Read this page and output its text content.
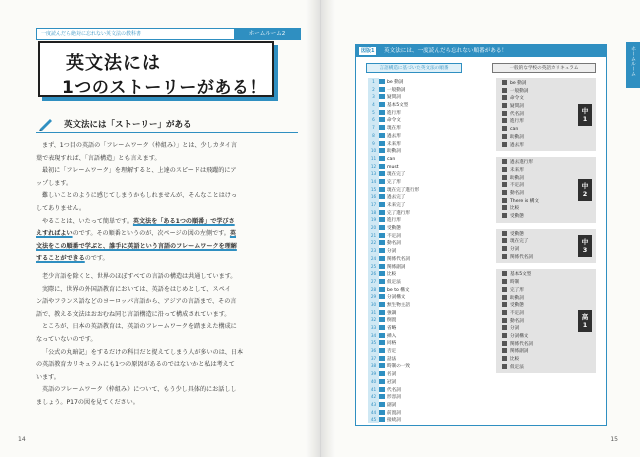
一度読んだら絶対に忘れない英文法の教科書	ホームルーム2
英文法には
1つのストーリーがある！
英文法には「ストーリー」がある

まず、1つ目の英語の「フレームワーク（枠組み）」とは、少しカタイ言

葉で表現すれば、「言語構造」とも言えます。

最初に「フレームワーク」を理解すると、上達のスピードは飛躍的にア

ップします。

難しいことのように感じてしまうかもしれませんが、そんなことはけっ

してありません。

やることは、いたって簡単です。英文法を「ある1つの順番」で学びさ

えすればよいのです。その順番というのが、次ページの図の左側です。英

文法をこの順番で学ぶと、誰手に英語という言語のフレームワークを理解

することができるのです。

老少言語を除くと、世界のほぼすべての言語の構造は共通しています。

実際に、世界の外国語教育においては、英語をはじめとして、スペイ

ン語やフランス語などのヨーロッパ言語から、アジアの言語まで、その言

語で、教える文法はおおむね同じ言語構造に沿って構成されています。

ところが、日本の英語教育は、英語のフレームワークを踏まえた構成に

なっていないのです。

「公式の丸暗記」をするだけの科目だと捉えてしまう人が多いのは、日本

の英語教育カリキュラムにも1つの原因があるのではないかと私は考えて

います。

英語のフレームワーク（枠組み）について、もう少し具体的にお話しし

ましょう。P17の図を見てください。

14
ホームルーム
図版1	英文法には、一度読んだら忘れない順番がある！
言語構造に基づいた英文法の順番	一般的な学校の英語カリキュラム
1	be 動詞
2	一般動詞
3	疑問詞
4	基本5文型
5	進行形
6	命令文
7	現在形
8	過去形
9	未来形
10 助動詞
11 can
12 must
13 現在完了
14 完了形
15 現在完了進行形
16 過去完了
17 未来完了
18 完了進行形
19 進行形
20 受動態
21 不定詞
22 動名詞
23 分詞
24 関係代名詞
25 関係副詞
26 比較
27 仮定法
28 be to 構文
29 分詞構文
30 無生物主語
31 強調
32 倒置
33 省略
34 挿入
35 同格
36 否定
37 話法
38 時制の一致
39 名詞
40 冠詞
41 代名詞
42 形容詞
43 副詞
44 前置詞
45 接続詞
be 動詞
一般動詞
命令文
疑問詞
代名詞
進行形
can
助動詞
過去形
中
1
過去進行形
未来形
助動詞
不定詞
動名詞
There is 構文
比較
受動態
中
2
受動態
現在完了
分詞
関係代名詞
中
3
基本5文型
時制
完了形
助動詞
受動態
不定詞
動名詞
分詞
分詞構文
関係代名詞
関係副詞
比較
仮定法
高
1
15
